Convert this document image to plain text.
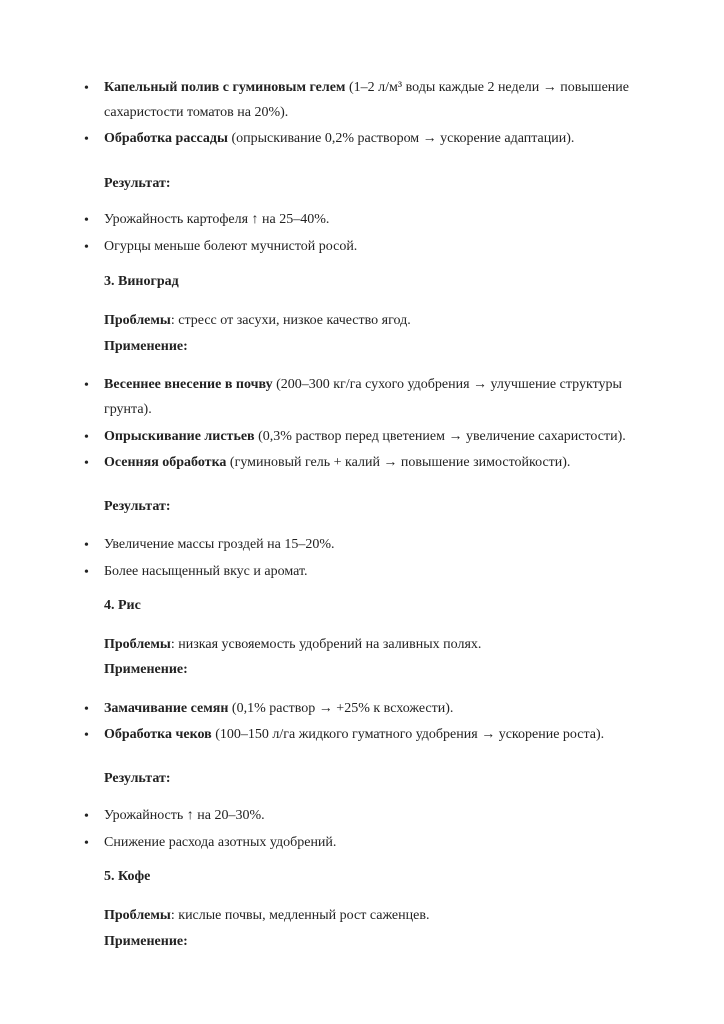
• Капельный полив с гуминовым гелем (1–2 л/м³ воды каждые 2 недели → повышение
сахаристости томатов на 20%).
• Обработка рассады (опрыскивание 0,2% раствором → ускорение адаптации).
Результат:
• Урожайность картофеля ↑ на 25–40%.
• Огурцы меньше болеют мучнистой росой.
3. Виноград
Проблемы: стресс от засухи, низкое качество ягод.
Применение:
• Весеннее внесение в почву (200–300 кг/га сухого удобрения → улучшение структуры
грунта).
• Опрыскивание листьев (0,3% раствор перед цветением → увеличение сахаристости).
• Осенняя обработка (гуминовый гель + калий → повышение зимостойкости).
Результат:
• Увеличение массы гроздей на 15–20%.
• Более насыщенный вкус и аромат.
4. Рис
Проблемы: низкая усвояемость удобрений на заливных полях.
Применение:
• Замачивание семян (0,1% раствор → +25% к всхожести).
• Обработка чеков (100–150 л/га жидкого гуматного удобрения → ускорение роста).
Результат:
• Урожайность ↑ на 20–30%.
• Снижение расхода азотных удобрений.
5. Кофе
Проблемы: кислые почвы, медленный рост саженцев.
Применение:
